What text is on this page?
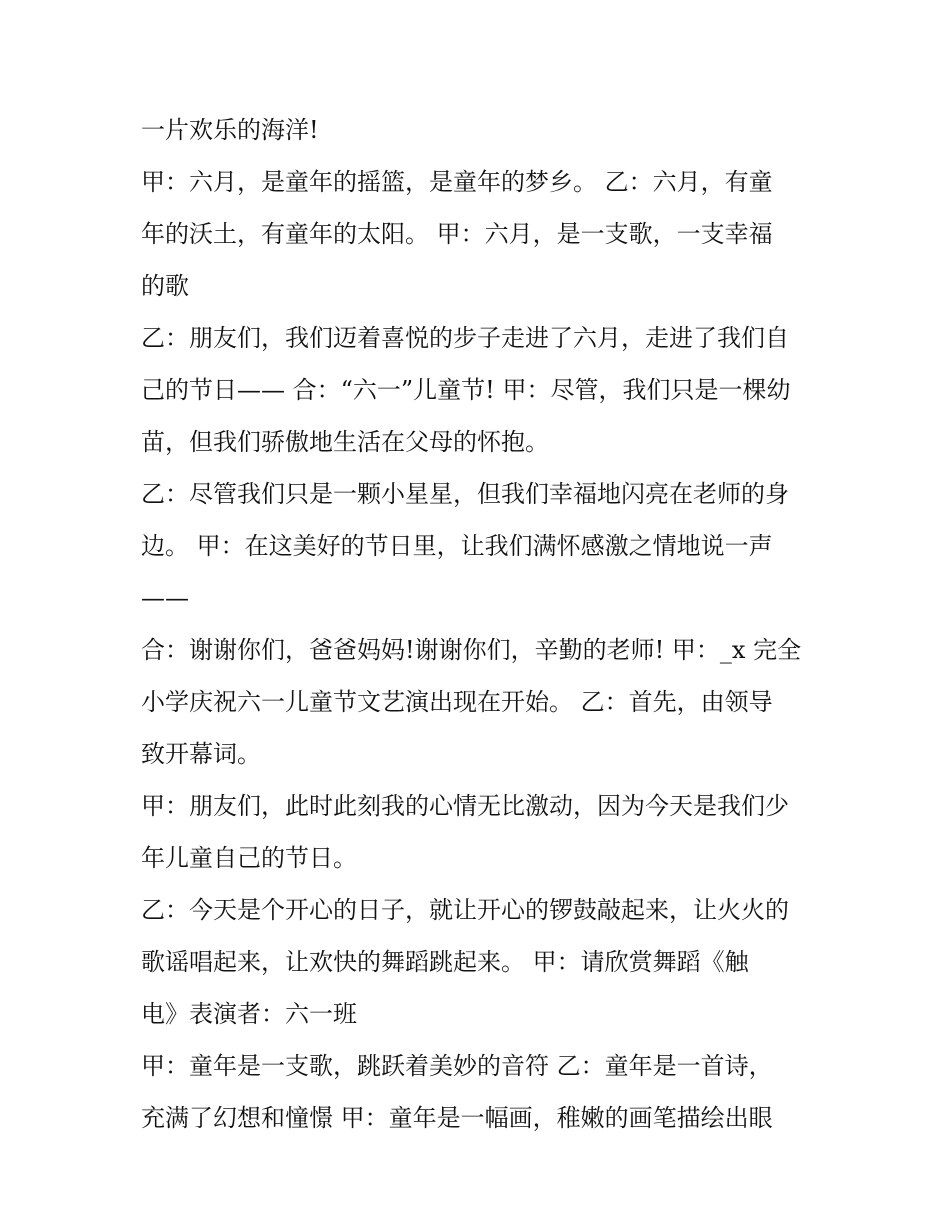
一片欢乐的海洋!
甲：六月，是童年的摇篮，是童年的梦乡。 乙：六月，有童
年的沃土，有童年的太阳。 甲：六月，是一支歌，一支幸福
的歌
乙：朋友们，我们迈着喜悦的步子走进了六月，走进了我们自
己的节日—— 合：“六一”儿童节! 甲：尽管，我们只是一棵幼
苗，但我们骄傲地生活在父母的怀抱。
乙：尽管我们只是一颗小星星，但我们幸福地闪亮在老师的身
边。 甲：在这美好的节日里，让我们满怀感激之情地说一声
——
合：谢谢你们，爸爸妈妈!谢谢你们，辛勤的老师! 甲：_x 完全
小学庆祝六一儿童节文艺演出现在开始。 乙：首先，由领导
致开幕词。
甲：朋友们，此时此刻我的心情无比激动，因为今天是我们少
年儿童自己的节日。
乙：今天是个开心的日子，就让开心的锣鼓敲起来，让火火的
歌谣唱起来，让欢快的舞蹈跳起来。 甲：请欣赏舞蹈《触
电》表演者：六一班
甲：童年是一支歌，跳跃着美妙的音符 乙：童年是一首诗，
充满了幻想和憧憬 甲：童年是一幅画，稚嫩的画笔描绘出眼
